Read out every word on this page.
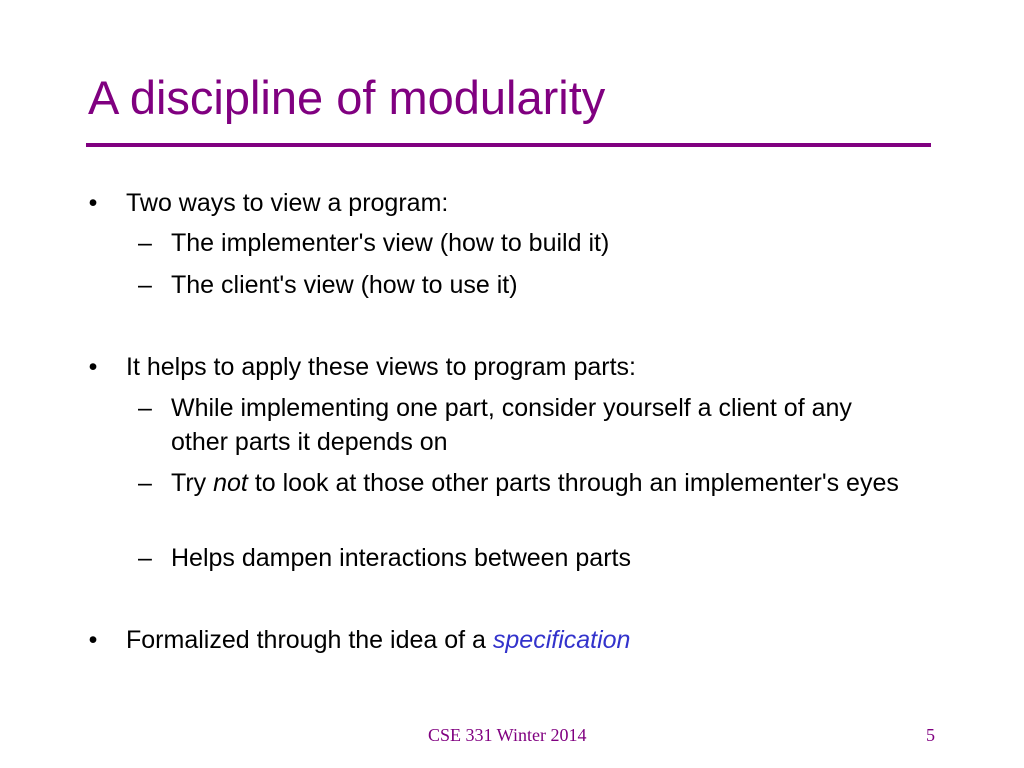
A discipline of modularity
• Two ways to view a program:
– The implementer's view (how to build it)
– The client's view (how to use it)
• It helps to apply these views to program parts:
– While implementing one part, consider yourself a client of any other parts it depends on
– Try not to look at those other parts through an implementer's eyes
– Helps dampen interactions between parts
• Formalized through the idea of a specification
CSE 331 Winter 2014	5
